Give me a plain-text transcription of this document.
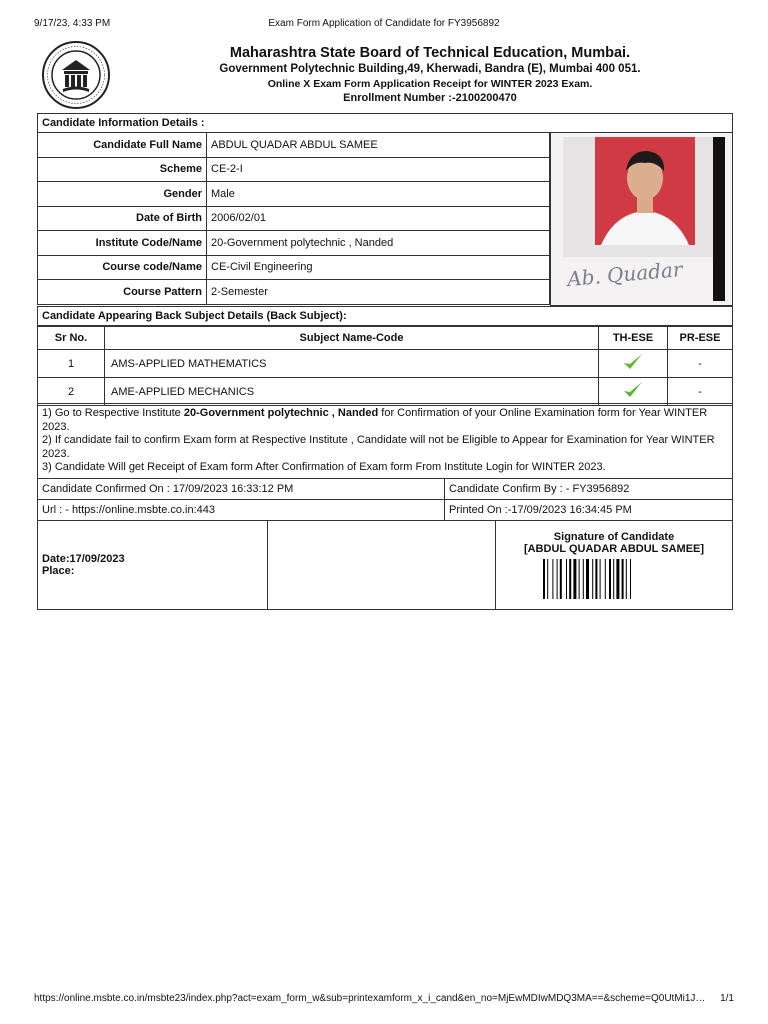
9/17/23, 4:33 PM	Exam Form Application of Candidate for FY3956892
Maharashtra State Board of Technical Education, Mumbai.
Government Polytechnic Building,49, Kherwadi, Bandra (E), Mumbai 400 051.
Online X Exam Form Application Receipt for WINTER 2023 Exam.
Enrollment Number :-2100200470
Candidate Information Details :
Candidate Full Name	ABDUL QUADAR ABDUL SAMEE
Scheme	CE-2-I
Gender	Male
Date of Birth	2006/02/01
Institute Code/Name	20-Government polytechnic , Nanded
Course code/Name	CE-Civil Engineering
Course Pattern	2-Semester
Ab. Quadar
Candidate Appearing Back Subject Details (Back Subject):
Sr No.	Subject Name-Code	TH-ESE	PR-ESE
1	AMS-APPLIED MATHEMATICS		-
2	AME-APPLIED MECHANICS		-

1) Go to Respective Institute 20-Government polytechnic , Nanded for Confirmation of your Online Examination form for Year WINTER 2023.

2) If candidate fail to confirm Exam form at Respective Institute , Candidate will not be Eligible to Appear for Examination for Year WINTER 2023.

3) Candidate Will get Receipt of Exam form After Confirmation of Exam form From Institute Login for WINTER 2023.

Candidate Confirmed On : 17/09/2023 16:33:12 PM	Candidate Confirm By : - FY3956892
Url : - https://online.msbte.co.in:443	Printed On :-17/09/2023 16:34:45 PM
Date:17/09/2023
Place:

Signature of Candidate
[ABDUL QUADAR ABDUL SAMEE]
https://online.msbte.co.in/msbte23/index.php?act=exam_form_w&sub=printexamform_x_i_cand&en_no=MjEwMDIwMDQ3MA==&scheme=Q0UtMi1J… 1/1
